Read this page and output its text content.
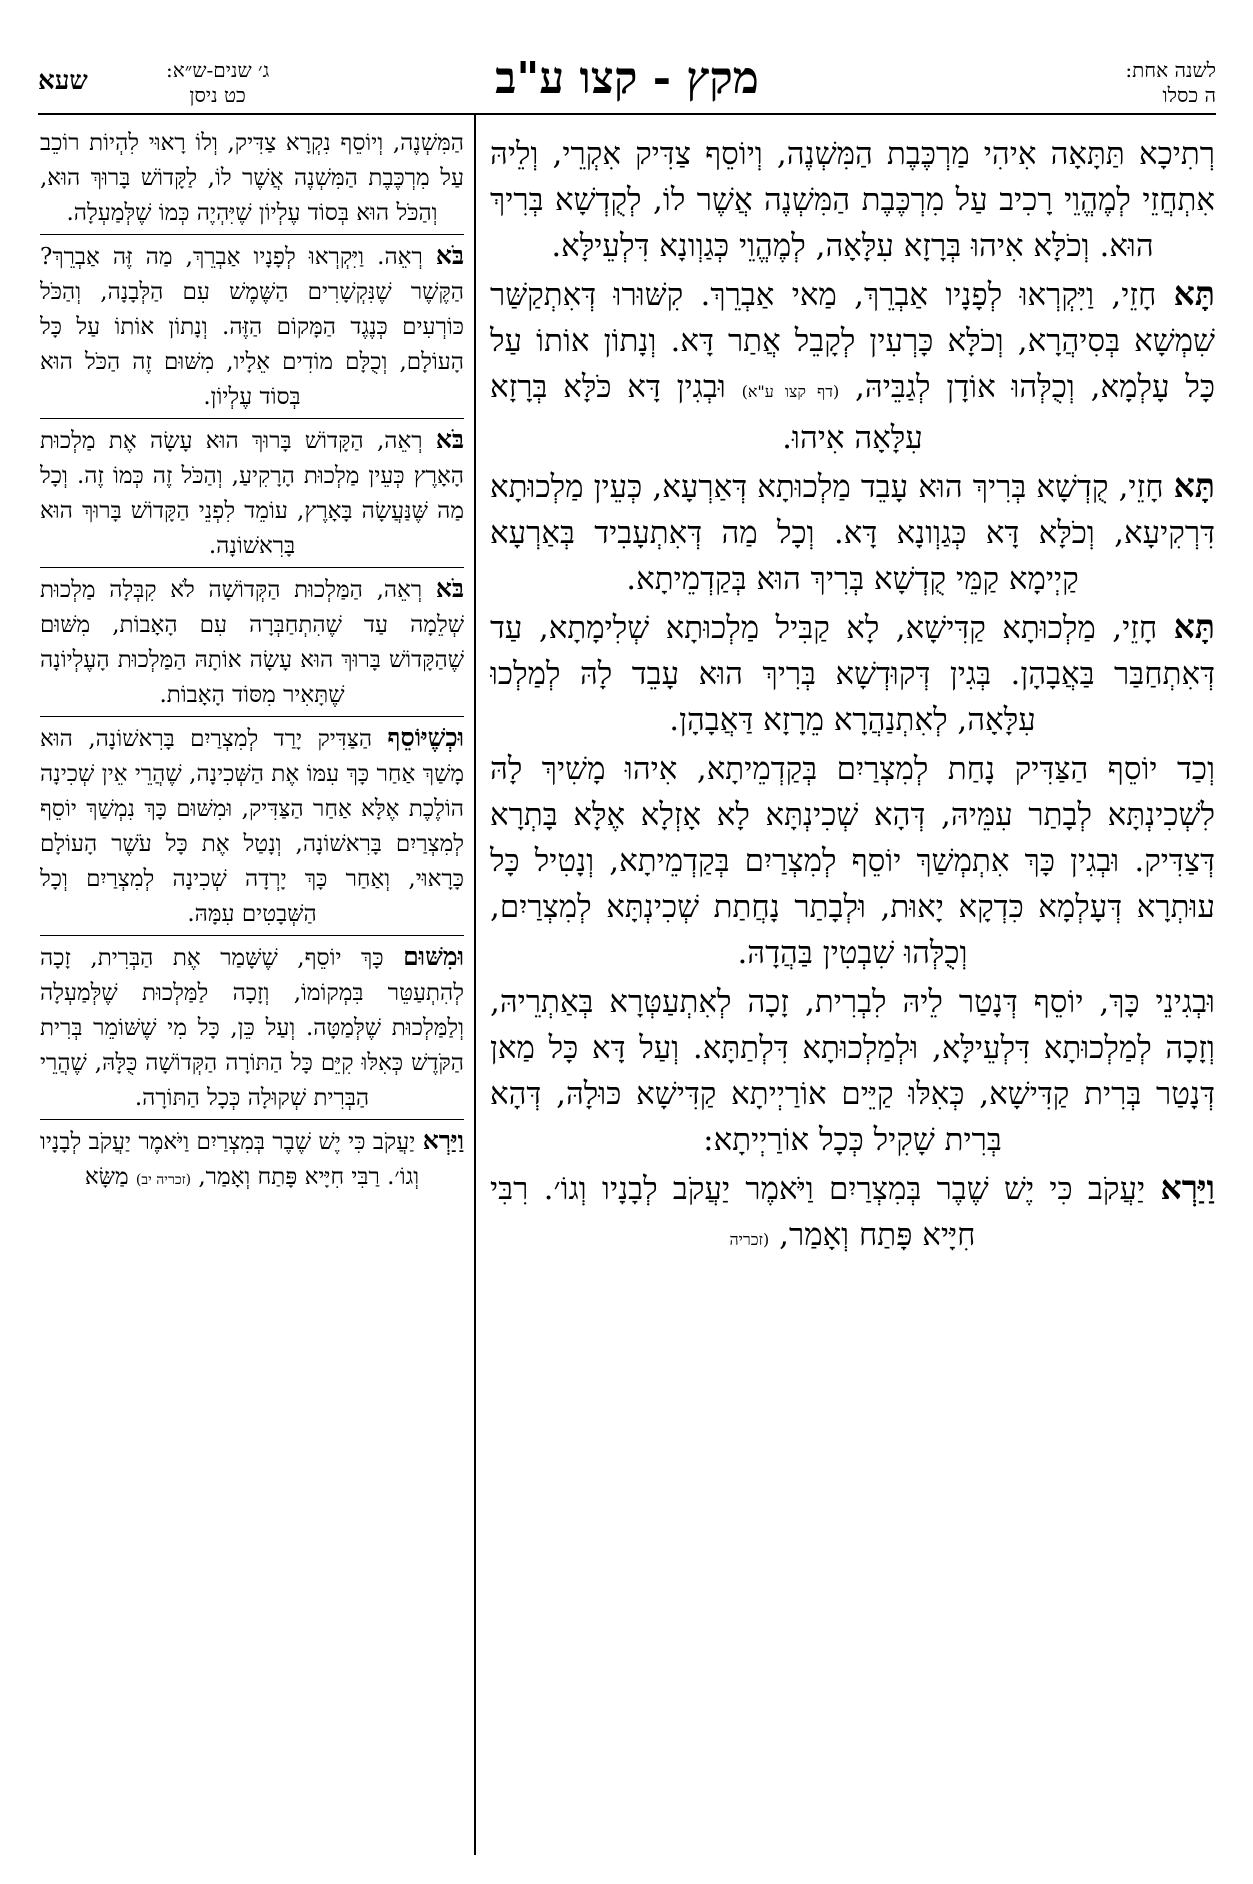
לשנה אחת:
ה כסלו
מקץ - קצו ע"ב
ג׳ שנים-ש״א:
כט ניסן
שעא

רְתִיכָא תַּתָּאָה אִיהִי מַרְכֶּבֶת הַמִּשְׁנֶה, וְיוֹסֵף צַדִּיק אִקְרֵי, וְלֵיהּ אִתְחֲזֵי לְמֶהֱוֵי רָכִיב עַל מִרְכֶּבֶת הַמִּשְׁנֶה אֲשֶׁר לוֹ, לְקֻדְשָׁא בְּרִיךְ הוּא. וְכֹלָּא אִיהוּ בְּרָזָא עִלָּאָה, לְמֶהֱוֵי כְּגַוְונָא דִּלְעֵילָּא.

תָּא חָזֵי, וַיִּקְרְאוּ לְפָנָיו אַבְרֵךְ, מַאי אַבְרֵךְ. קִשּׁוּרוּ דְּאִתְקַשַּׁר שִׁמְשָׁא בְּסִיהֲרָא, וְכֹלָּא כָּרְעִין לְקָבֵל אֲתַר דָּא. וְנָתוֹן אוֹתוֹ עַל כָּל עָלְמָא, וְכֻלְּהוּ אוֹדָן לְגַבֵּיהּ, (דף קצו ע"א) וּבְגִין דָּא כֹּלָּא בְּרָזָא עִלָּאָה אִיהוּ.

תָּא חָזֵי, קֻדְשָׁא בְּרִיךְ הוּא עָבֵד מַלְכוּתָא דְּאַרְעָא, כְּעֵין מַלְכוּתָא דִּרְקִיעָא, וְכֹלָּא דָּא כְּגַוְונָא דָּא. וְכָל מַה דְּאִתְעָבִיד בְּאַרְעָא קַיְימָא קַמֵּי קֻדְשָׁא בְּרִיךְ הוּא בְּקַדְמֵיתָא.

תָּא חָזֵי, מַלְכוּתָא קַדִּישָׁא, לָא קַבִּיל מַלְכוּתָא שְׁלִימָתָא, עַד דְּאִתְחַבַּר בַּאֲבָהָן. בְּגִין דְּקוּדְשָׁא בְּרִיךְ הוּא עָבֵד לָהּ לְמַלְכוּ עִלָּאָה, לְאִתְנַהֲרָא מֵרָזָא דַּאֲבָהָן.

וְכַד יוֹסֵף הַצַּדִּיק נָחַת לְמִצְרַיִם בְּקַדְמֵיתָא, אִיהוּ מָשִׁיךְ לָהּ לִשְׁכִינְתָּא לְבָתַר עִמֵּיהּ, דְּהָא שְׁכִינְתָּא לָא אָזְלָא אֶלָּא בָּתְרָא דְּצַדִּיק. וּבְגִין כָּךְ אִתְמְשַׁךְ יוֹסֵף לְמִצְרַיִם בְּקַדְמֵיתָא, וְנָטִיל כָּל עוּתְרָא דְּעָלְמָא כִּדְקָא יָאוּת, וּלְבָתַר נָחֲתַת שְׁכִינְתָּא לְמִצְרַיִם, וְכֻלְּהוּ שִׁבְטִין בַּהֲדָהּ.

וּבְגִינֵי כָּךְ, יוֹסֵף דְּנָטַר לֵיהּ לִבְרִית, זָכָה לְאִתְעַטְּרָא בְּאַתְרֵיהּ, וְזָכָה לְמַלְכוּתָא דִּלְעֵילָּא, וּלְמַלְכוּתָא דִּלְתַתָּא. וְעַל דָּא כָּל מַאן דְּנָטַר בְּרִית קַדִּישָׁא, כְּאִלּוּ קַיֵּים אוֹרַיְיתָא קַדִּישָׁא כּוּלָהּ, דְּהָא בְּרִית שָׁקִיל כְּכָל אוֹרַיְיתָא:

וַיַּרְא יַעֲקֹב כִּי יֶשׁ שֶׁבֶר בְּמִצְרַיִם וַיֹּאמֶר יַעֲקֹב לְבָנָיו וְגוֹ׳. רִבִּי חִיָּיא פָּתַח וְאָמַר, (זכריה

הַמִּשְׁנֶה, וְיוֹסֵף נִקְרָא צַדִּיק, וְלוֹ רָאוּי לִהְיוֹת רוֹכֵב עַל מִרְכֶּבֶת הַמִּשְׁנֶה אֲשֶׁר לוֹ, לַקָּדוֹשׁ בָּרוּךְ הוּא, וְהַכֹּל הוּא בְּסוֹד עֶלְיוֹן שֶׁיִּהְיֶה כְּמוֹ שֶׁלְּמַעְלָה.

בֹּא רְאֵה. וַיִּקְרְאוּ לְפָנָיו אַבְרֵךְ, מַה זֶּה אַבְרֵךְ? הַקֶּשֶׁר שֶׁנִּקְשָׁרִים הַשֶּׁמֶשׁ עִם הַלְּבָנָה, וְהַכֹּל כּוֹרְעִים כְּנֶגֶד הַמָּקוֹם הַזֶּה. וְנָתוֹן אוֹתוֹ עַל כָּל הָעוֹלָם, וְכֻלָּם מוֹדִים אֵלָיו, מִשּׁוּם זֶה הַכֹּל הוּא בְּסוֹד עֶלְיוֹן.

בֹּא רְאֵה, הַקָּדוֹשׁ בָּרוּךְ הוּא עָשָׂה אֶת מַלְכוּת הָאָרֶץ כְּעֵין מַלְכוּת הָרָקִיעַ, וְהַכֹּל זֶה כְּמוֹ זֶה. וְכָל מַה שֶּׁנַּעֲשָׂה בָּאָרֶץ, עוֹמֵד לִפְנֵי הַקָּדוֹשׁ בָּרוּךְ הוּא בָּרִאשׁוֹנָה.

בֹּא רְאֵה, הַמַּלְכוּת הַקְּדוֹשָׁה לֹא קִבְּלָה מַלְכוּת שְׁלֵמָה עַד שֶׁהִתְחַבְּרָה עִם הָאָבוֹת, מִשּׁוּם שֶׁהַקָּדוֹשׁ בָּרוּךְ הוּא עָשָׂה אוֹתָהּ הַמַּלְכוּת הָעֶלְיוֹנָה שֶׁתָּאִיר מִסּוֹד הָאָבוֹת.

וּכְשֶׁיּוֹסֵף הַצַּדִּיק יָרַד לְמִצְרַיִם בָּרִאשׁוֹנָה, הוּא מָשַׁךְ אַחַר כָּךְ עִמּוֹ אֶת הַשְּׁכִינָה, שֶׁהֲרֵי אֵין שְׁכִינָה הוֹלֶכֶת אֶלָּא אַחַר הַצַּדִּיק, וּמִשּׁוּם כָּךְ נִמְשַׁךְ יוֹסֵף לְמִצְרַיִם בָּרִאשׁוֹנָה, וְנָטַל אֶת כָּל עֹשֶׁר הָעוֹלָם כָּרָאוּי, וְאַחַר כָּךְ יָרְדָה שְׁכִינָה לְמִצְרַיִם וְכָל הַשְּׁבָטִים עִמָּהּ.

וּמִשּׁוּם כָּךְ יוֹסֵף, שֶׁשָּׁמַר אֶת הַבְּרִית, זָכָה לְהִתְעַטֵּר בִּמְקוֹמוֹ, וְזָכָה לַמַּלְכוּת שֶׁלְּמַעְלָה וְלַמַּלְכוּת שֶׁלְּמַטָּה. וְעַל כֵּן, כָּל מִי שֶׁשּׁוֹמֵר בְּרִית הַקֹּדֶשׁ כְּאִלּוּ קִיֵּם כָּל הַתּוֹרָה הַקְּדוֹשָׁה כֻּלָּהּ, שֶׁהֲרֵי הַבְּרִית שְׁקוּלָה כְּכָל הַתּוֹרָה.

וַיַּרְא יַעֲקֹב כִּי יֶשׁ שֶׁבֶר בְּמִצְרַיִם וַיֹּאמֶר יַעֲקֹב לְבָנָיו וְגוֹ׳. רַבִּי חִיָּיא פָּתַח וְאָמַר, (זכריה יב) מַשָּׂא
